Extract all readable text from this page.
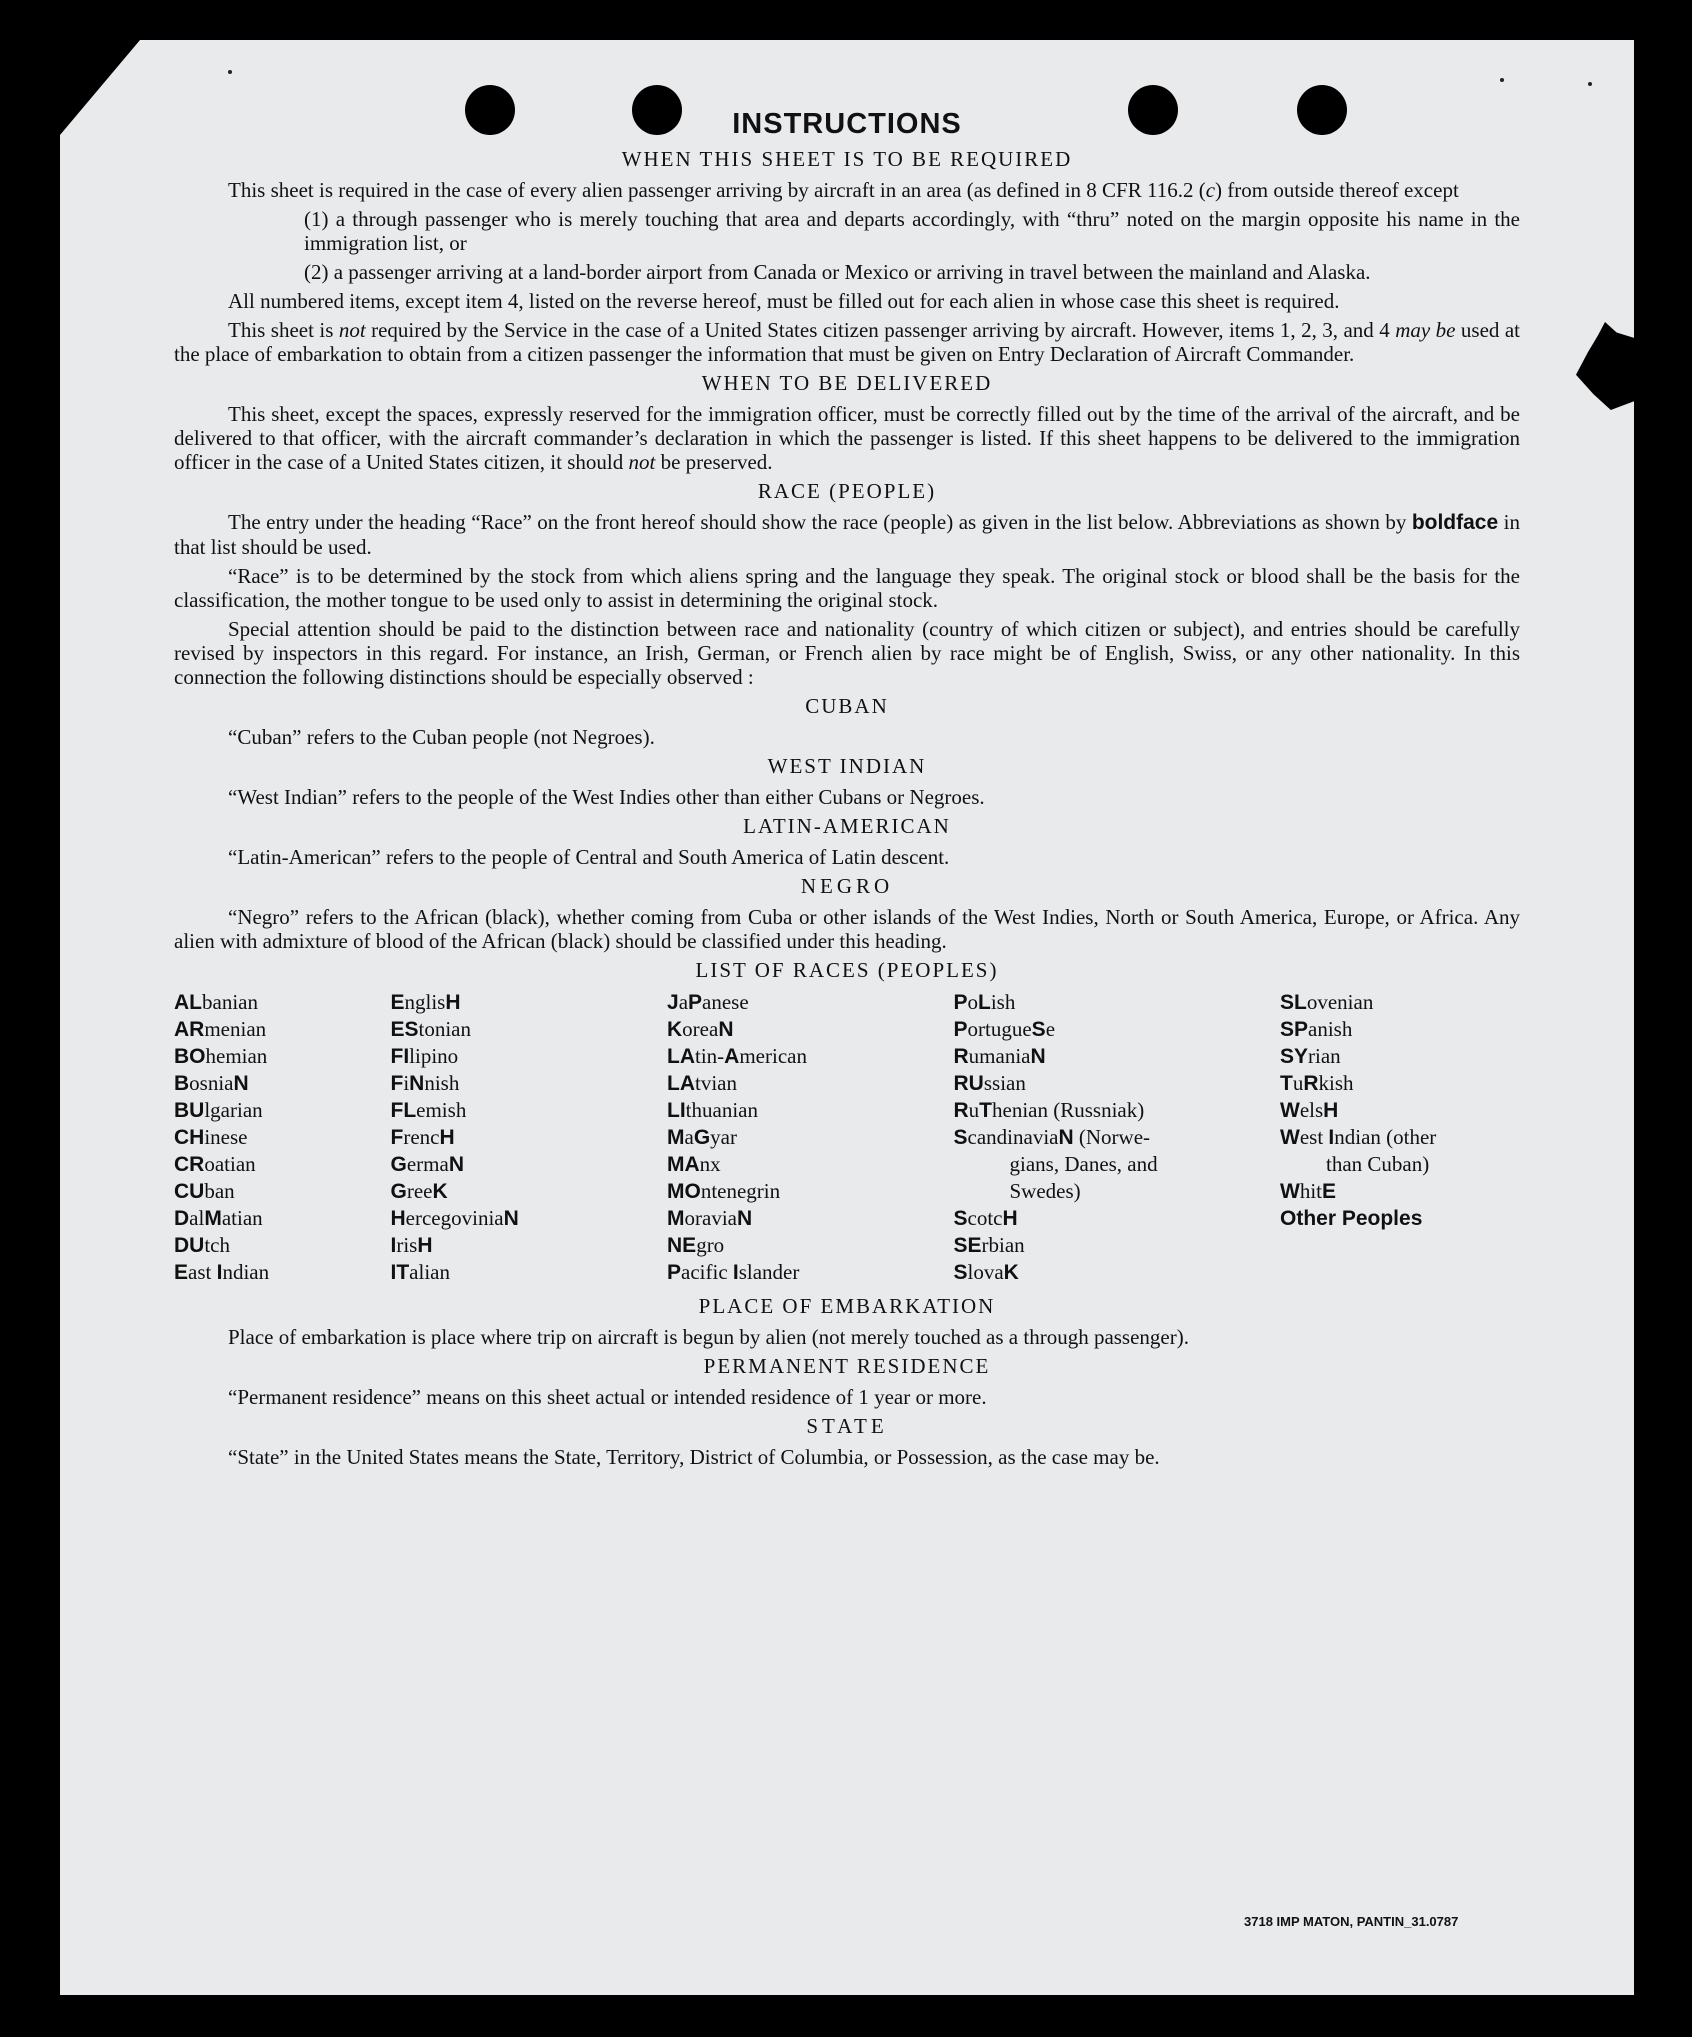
INSTRUCTIONS
WHEN THIS SHEET IS TO BE REQUIRED

This sheet is required in the case of every alien passenger arriving by aircraft in an area (as defined in 8 CFR 116.2 (c) from outside thereof except

(1) a through passenger who is merely touching that area and departs accordingly, with “thru” noted on the margin opposite his name in the immigration list, or

(2) a passenger arriving at a land-border airport from Canada or Mexico or arriving in travel between the mainland and Alaska.

All numbered items, except item 4, listed on the reverse hereof, must be filled out for each alien in whose case this sheet is required.

This sheet is not required by the Service in the case of a United States citizen passenger arriving by aircraft. However, items 1, 2, 3, and 4 may be used at the place of embarkation to obtain from a citizen passenger the information that must be given on Entry Declaration of Aircraft Commander.

WHEN TO BE DELIVERED

This sheet, except the spaces, expressly reserved for the immigration officer, must be correctly filled out by the time of the arrival of the aircraft, and be delivered to that officer, with the aircraft commander’s declaration in which the passenger is listed. If this sheet happens to be delivered to the immigration officer in the case of a United States citizen, it should not be preserved.

RACE (PEOPLE)

The entry under the heading “Race” on the front hereof should show the race (people) as given in the list below. Abbreviations as shown by boldface in that list should be used.

“Race” is to be determined by the stock from which aliens spring and the language they speak. The original stock or blood shall be the basis for the classification, the mother tongue to be used only to assist in determining the original stock.

Special attention should be paid to the distinction between race and nationality (country of which citizen or subject), and entries should be carefully revised by inspectors in this regard. For instance, an Irish, German, or French alien by race might be of English, Swiss, or any other nationality. In this connection the following distinctions should be especially observed :

CUBAN

“Cuban” refers to the Cuban people (not Negroes).

WEST INDIAN

“West Indian” refers to the people of the West Indies other than either Cubans or Negroes.

LATIN-AMERICAN

“Latin-American” refers to the people of Central and South America of Latin descent.

NEGRO

“Negro” refers to the African (black), whether coming from Cuba or other islands of the West Indies, North or South America, Europe, or Africa. Any alien with admixture of blood of the African (black) should be classified under this heading.

LIST OF RACES (PEOPLES)
ALbanian
ARmenian
BOhemian
BosniaN
BUlgarian
CHinese
CRoatian
CUban
DalMatian
DUtch
East Indian
EnglisH
EStonian
FIlipino
FiNnish
FLemish
FrencH
GermaN
GreeK
HercegoviniaN
IrisH
ITalian
JaPanese
KoreaN
LAtin-American
LAtvian
LIthuanian
MaGyar
MAnx
MOntenegrin
MoraviaN
NEgro
Pacific Islander
PoLish
PortugueSe
RumaniaN
RUssian
RuThenian (Russniak)
ScandinaviaN (Norwe-
gians, Danes, and
Swedes)
ScotcH
SErbian
SlovaK
SLovenian
SPanish
SYrian
TuRkish
WelsH
West Indian (other
than Cuban)
WhitE
Other Peoples
PLACE OF EMBARKATION

Place of embarkation is place where trip on aircraft is begun by alien (not merely touched as a through passenger).

PERMANENT RESIDENCE

“Permanent residence” means on this sheet actual or intended residence of 1 year or more.

STATE

“State” in the United States means the State, Territory, District of Columbia, or Possession, as the case may be.

3718 IMP MATON, PANTIN_31.0787
